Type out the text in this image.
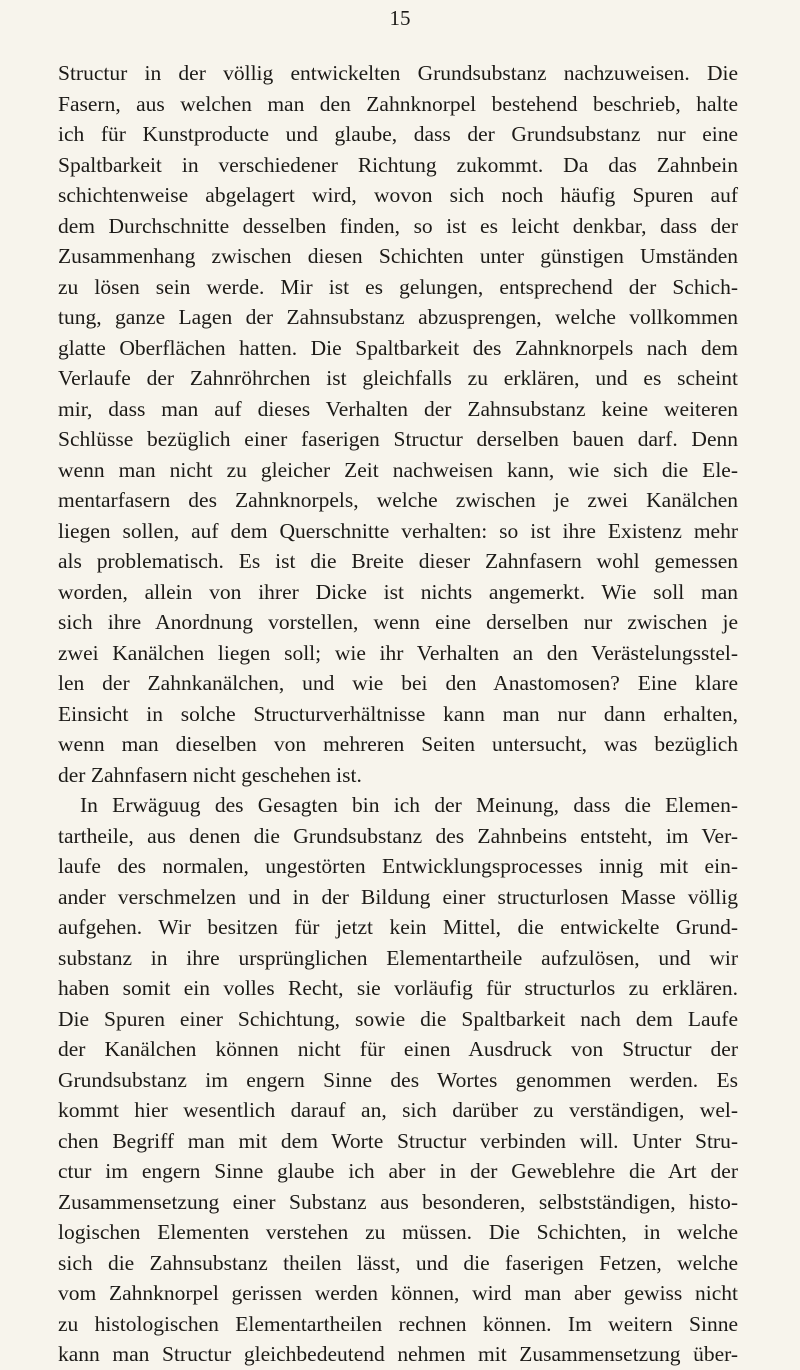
15
Structur in der völlig entwickelten Grundsubstanz nachzuweisen. Die
Fasern, aus welchen man den Zahnknorpel bestehend beschrieb, halte
ich für Kunstproducte und glaube, dass der Grundsubstanz nur eine
Spaltbarkeit in verschiedener Richtung zukommt. Da das Zahnbein
schichtenweise abgelagert wird, wovon sich noch häufig Spuren auf
dem Durchschnitte desselben finden, so ist es leicht denkbar, dass der
Zusammenhang zwischen diesen Schichten unter günstigen Umständen
zu lösen sein werde. Mir ist es gelungen, entsprechend der Schich-
tung, ganze Lagen der Zahnsubstanz abzusprengen, welche vollkommen
glatte Oberflächen hatten. Die Spaltbarkeit des Zahnknorpels nach dem
Verlaufe der Zahnröhrchen ist gleichfalls zu erklären, und es scheint
mir, dass man auf dieses Verhalten der Zahnsubstanz keine weiteren
Schlüsse bezüglich einer faserigen Structur derselben bauen darf. Denn
wenn man nicht zu gleicher Zeit nachweisen kann, wie sich die Ele-
mentarfasern des Zahnknorpels, welche zwischen je zwei Kanälchen
liegen sollen, auf dem Querschnitte verhalten: so ist ihre Existenz mehr
als problematisch. Es ist die Breite dieser Zahnfasern wohl gemessen
worden, allein von ihrer Dicke ist nichts angemerkt. Wie soll man
sich ihre Anordnung vorstellen, wenn eine derselben nur zwischen je
zwei Kanälchen liegen soll; wie ihr Verhalten an den Verästelungsstel-
len der Zahnkanälchen, und wie bei den Anastomosen? Eine klare
Einsicht in solche Structurverhältnisse kann man nur dann erhalten,
wenn man dieselben von mehreren Seiten untersucht, was bezüglich
der Zahnfasern nicht geschehen ist.
In Erwäguug des Gesagten bin ich der Meinung, dass die Elemen-
tartheile, aus denen die Grundsubstanz des Zahnbeins entsteht, im Ver-
laufe des normalen, ungestörten Entwicklungsprocesses innig mit ein-
ander verschmelzen und in der Bildung einer structurlosen Masse völlig
aufgehen. Wir besitzen für jetzt kein Mittel, die entwickelte Grund-
substanz in ihre ursprünglichen Elementartheile aufzulösen, und wir
haben somit ein volles Recht, sie vorläufig für structurlos zu erklären.
Die Spuren einer Schichtung, sowie die Spaltbarkeit nach dem Laufe
der Kanälchen können nicht für einen Ausdruck von Structur der
Grundsubstanz im engern Sinne des Wortes genommen werden. Es
kommt hier wesentlich darauf an, sich darüber zu verständigen, wel-
chen Begriff man mit dem Worte Structur verbinden will. Unter Stru-
ctur im engern Sinne glaube ich aber in der Geweblehre die Art der
Zusammensetzung einer Substanz aus besonderen, selbstständigen, histo-
logischen Elementen verstehen zu müssen. Die Schichten, in welche
sich die Zahnsubstanz theilen lässt, und die faserigen Fetzen, welche
vom Zahnknorpel gerissen werden können, wird man aber gewiss nicht
zu histologischen Elementartheilen rechnen können. Im weitern Sinne
kann man Structur gleichbedeutend nehmen mit Zusammensetzung über-
